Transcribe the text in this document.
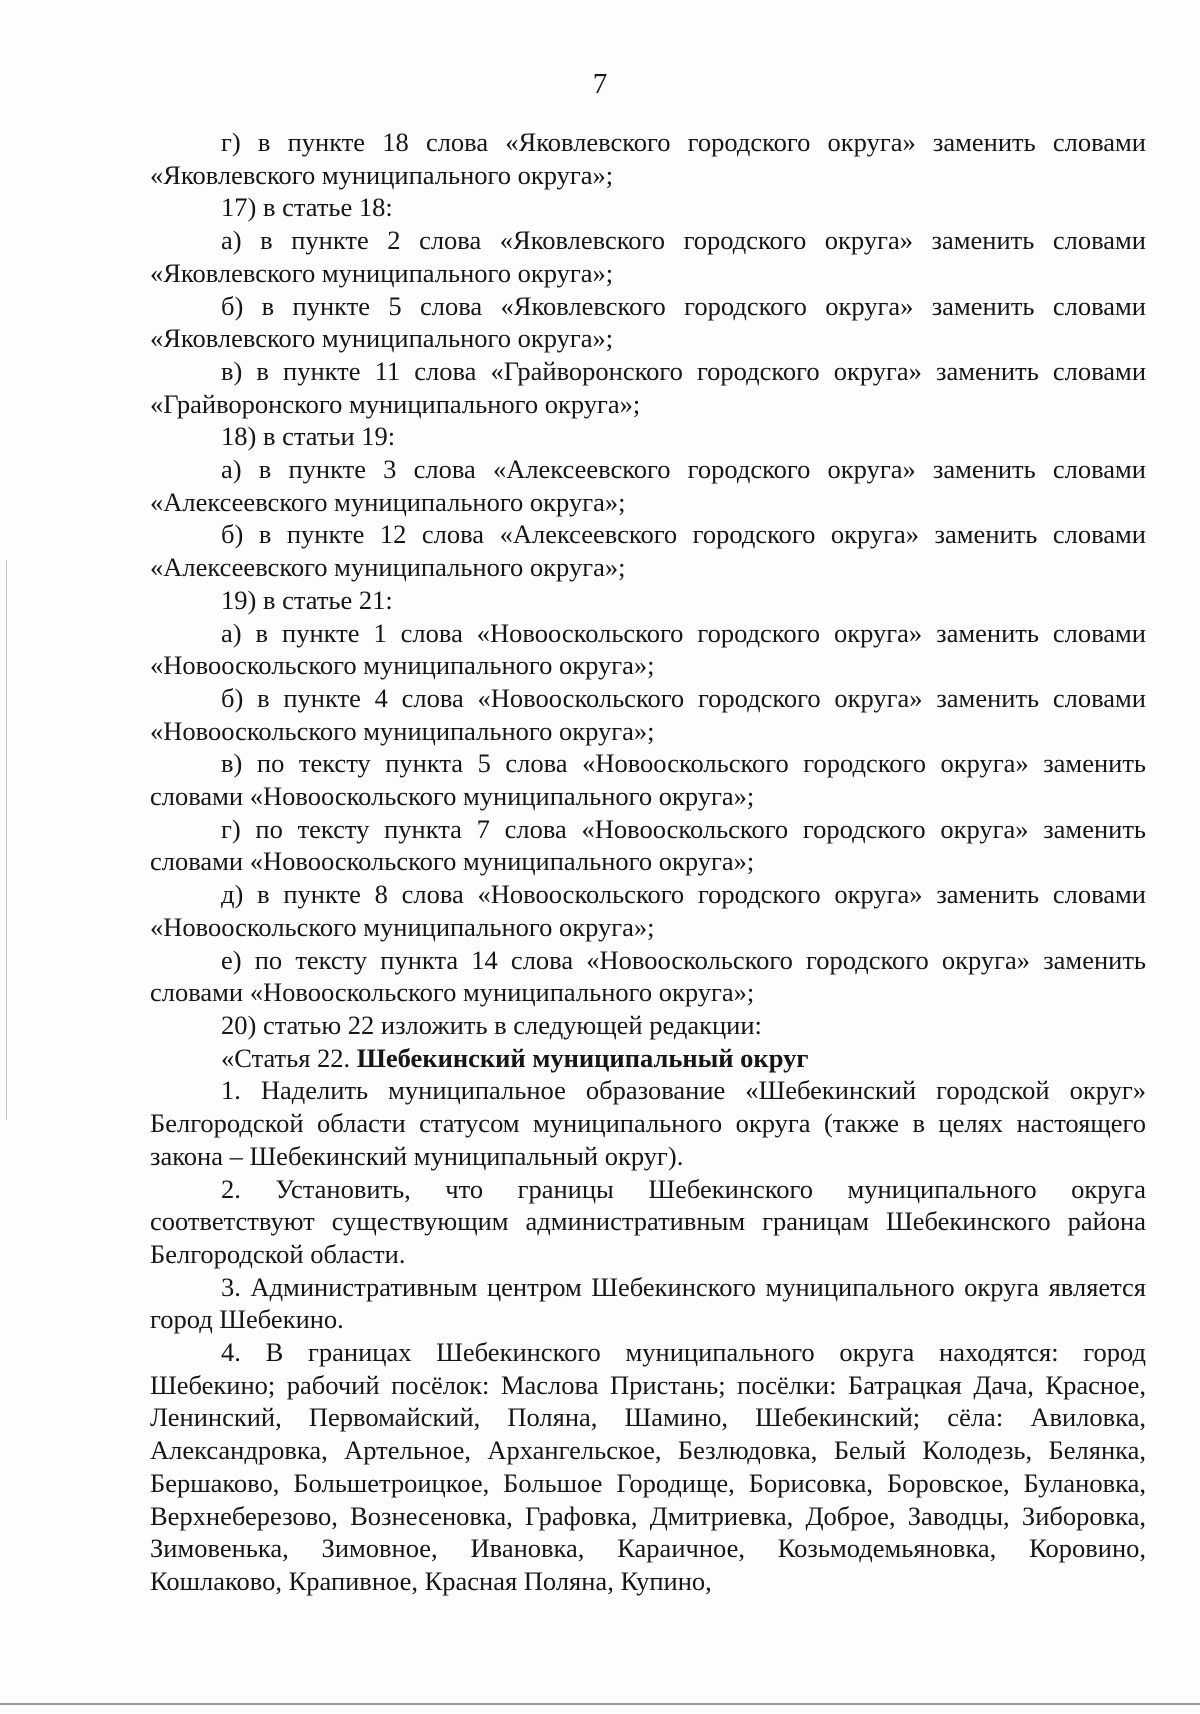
7

г) в пункте 18 слова «Яковлевского городского округа» заменить словами «Яковлевского муниципального округа»;

17) в статье 18:

а) в пункте 2 слова «Яковлевского городского округа» заменить словами «Яковлевского муниципального округа»;

б) в пункте 5 слова «Яковлевского городского округа» заменить словами «Яковлевского муниципального округа»;

в) в пункте 11 слова «Грайворонского городского округа» заменить словами «Грайворонского муниципального округа»;

18) в статьи 19:

а) в пункте 3 слова «Алексеевского городского округа» заменить словами «Алексеевского муниципального округа»;

б) в пункте 12 слова «Алексеевского городского округа» заменить словами «Алексеевского муниципального округа»;

19) в статье 21:

а) в пункте 1 слова «Новооскольского городского округа» заменить словами «Новооскольского муниципального округа»;

б) в пункте 4 слова «Новооскольского городского округа» заменить словами «Новооскольского муниципального округа»;

в) по тексту пункта 5 слова «Новооскольского городского округа» заменить словами «Новооскольского муниципального округа»;

г) по тексту пункта 7 слова «Новооскольского городского округа» заменить словами «Новооскольского муниципального округа»;

д) в пункте 8 слова «Новооскольского городского округа» заменить словами «Новооскольского муниципального округа»;

е) по тексту пункта 14 слова «Новооскольского городского округа» заменить словами «Новооскольского муниципального округа»;

20) статью 22 изложить в следующей редакции:

«Статья 22. Шебекинский муниципальный округ

1. Наделить муниципальное образование «Шебекинский городской округ» Белгородской области статусом муниципального округа (также в целях настоящего закона – Шебекинский муниципальный округ).

2. Установить, что границы Шебекинского муниципального округа соответствуют существующим административным границам Шебекинского района Белгородской области.

3. Административным центром Шебекинского муниципального округа является город Шебекино.

4. В границах Шебекинского муниципального округа находятся: город Шебекино; рабочий посёлок: Маслова Пристань; посёлки: Батрацкая Дача, Красное, Ленинский, Первомайский, Поляна, Шамино, Шебекинский; сёла: Авиловка, Александровка, Артельное, Архангельское, Безлюдовка, Белый Колодезь, Белянка, Бершаково, Большетроицкое, Большое Городище, Борисовка, Боровское, Булановка, Верхнеберезово, Вознесеновка, Графовка, Дмитриевка, Доброе, Заводцы, Зиборовка, Зимовенька, Зимовное, Ивановка, Караичное, Козьмодемьяновка, Коровино, Кошлаково, Крапивное, Красная Поляна, Купино,
